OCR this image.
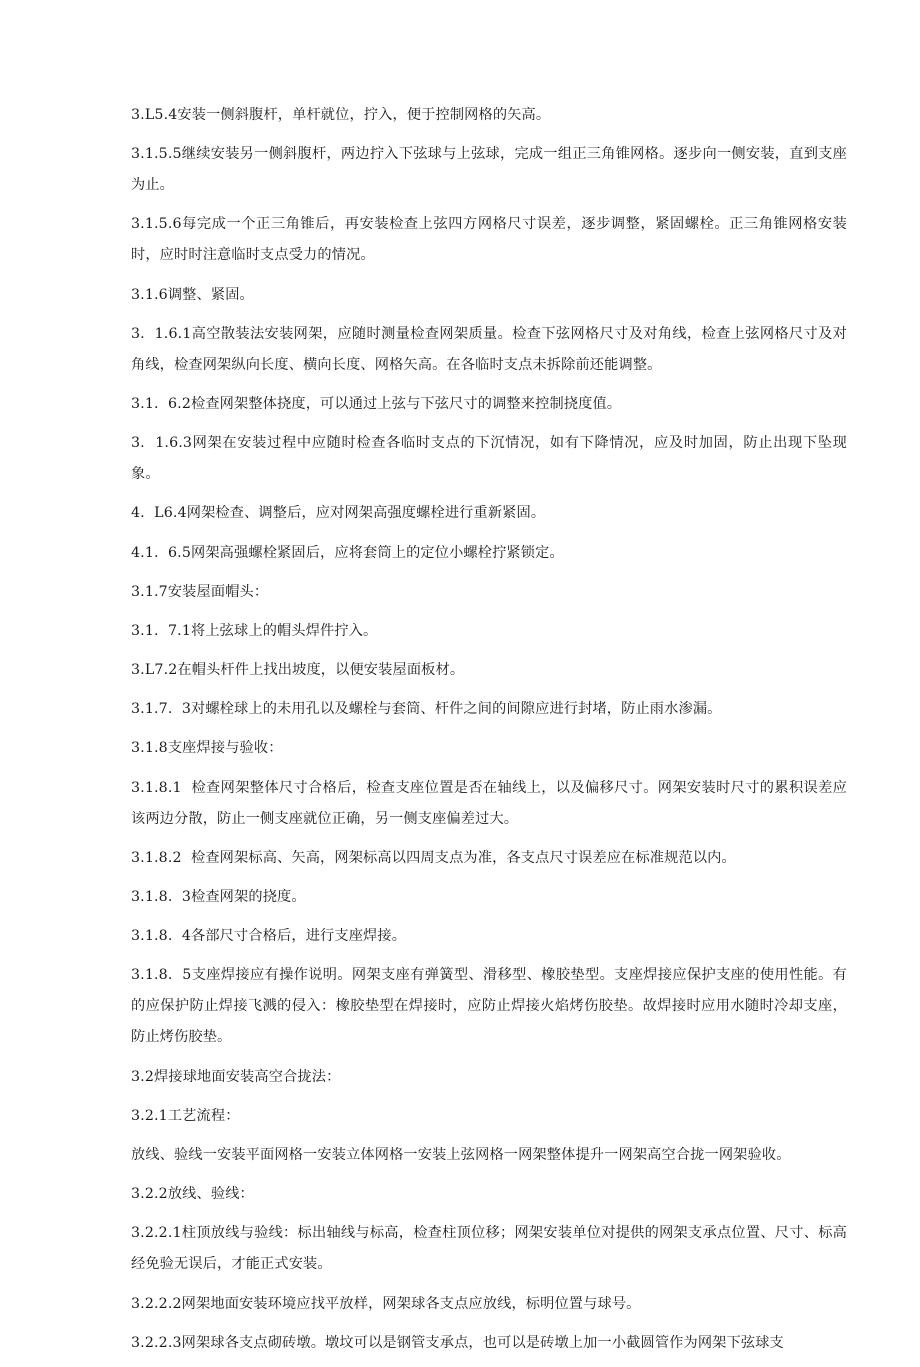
3.L5.4安装一侧斜腹杆，单杆就位，拧入，便于控制网格的矢高。

3.1.5.5继续安装另一侧斜腹杆，两边拧入下弦球与上弦球，完成一组正三角锥网格。逐步向一侧安装，直到支座为止。

3.1.5.6每完成一个正三角锥后，再安装检查上弦四方网格尺寸误差，逐步调整，紧固螺栓。正三角锥网格安装时，应时时注意临时支点受力的情况。

3.1.6调整、紧固。

3.  1.6.1高空散装法安装网架，应随时测量检查网架质量。检查下弦网格尺寸及对角线，检查上弦网格尺寸及对角线，检查网架纵向长度、横向长度、网格矢高。在各临时支点未拆除前还能调整。

3.1.  6.2检查网架整体挠度，可以通过上弦与下弦尺寸的调整来控制挠度值。

3.  1.6.3网架在安装过程中应随时检查各临时支点的下沉情况，如有下降情况，应及时加固，防止出现下坠现象。

4.  L6.4网架检查、调整后，应对网架高强度螺栓进行重新紧固。

4.1.  6.5网架高强螺栓紧固后，应将套筒上的定位小螺栓拧紧锁定。

3.1.7安装屋面帽头：

3.1.  7.1将上弦球上的帽头焊件拧入。

3.L7.2在帽头杆件上找出坡度，以便安装屋面板材。

3.1.7.  3对螺栓球上的未用孔以及螺栓与套筒、杆件之间的间隙应进行封堵，防止雨水渗漏。

3.1.8支座焊接与验收：

3.1.8.1  检查网架整体尺寸合格后，检查支座位置是否在轴线上，以及偏移尺寸。网架安装时尺寸的累积误差应该两边分散，防止一侧支座就位正确，另一侧支座偏差过大。

3.1.8.2  检查网架标高、矢高，网架标高以四周支点为准，各支点尺寸误差应在标准规范以内。

3.1.8.  3检查网架的挠度。

3.1.8.  4各部尺寸合格后，进行支座焊接。

3.1.8.  5支座焊接应有操作说明。网架支座有弹簧型、滑移型、橡胶垫型。支座焊接应保护支座的使用性能。有的应保护防止焊接飞溅的侵入：橡胶垫型在焊接时，应防止焊接火焰烤伤胶垫。故焊接时应用水随时冷却支座，防止烤伤胶垫。

3.2焊接球地面安装高空合拢法：

3.2.1工艺流程：

放线、验线一安装平面网格一安装立体网格一安装上弦网格一网架整体提升一网架高空合拢一网架验收。

3.2.2放线、验线：

3.2.2.1柱顶放线与验线：标出轴线与标高，检查柱顶位移；网架安装单位对提供的网架支承点位置、尺寸、标高经免验无误后，才能正式安装。

3.2.2.2网架地面安装环境应找平放样，网架球各支点应放线，标明位置与球号。

3.2.2.3网架球各支点砌砖墩。墩坟可以是钢管支承点，也可以是砖墩上加一小截圆管作为网架下弦球支
